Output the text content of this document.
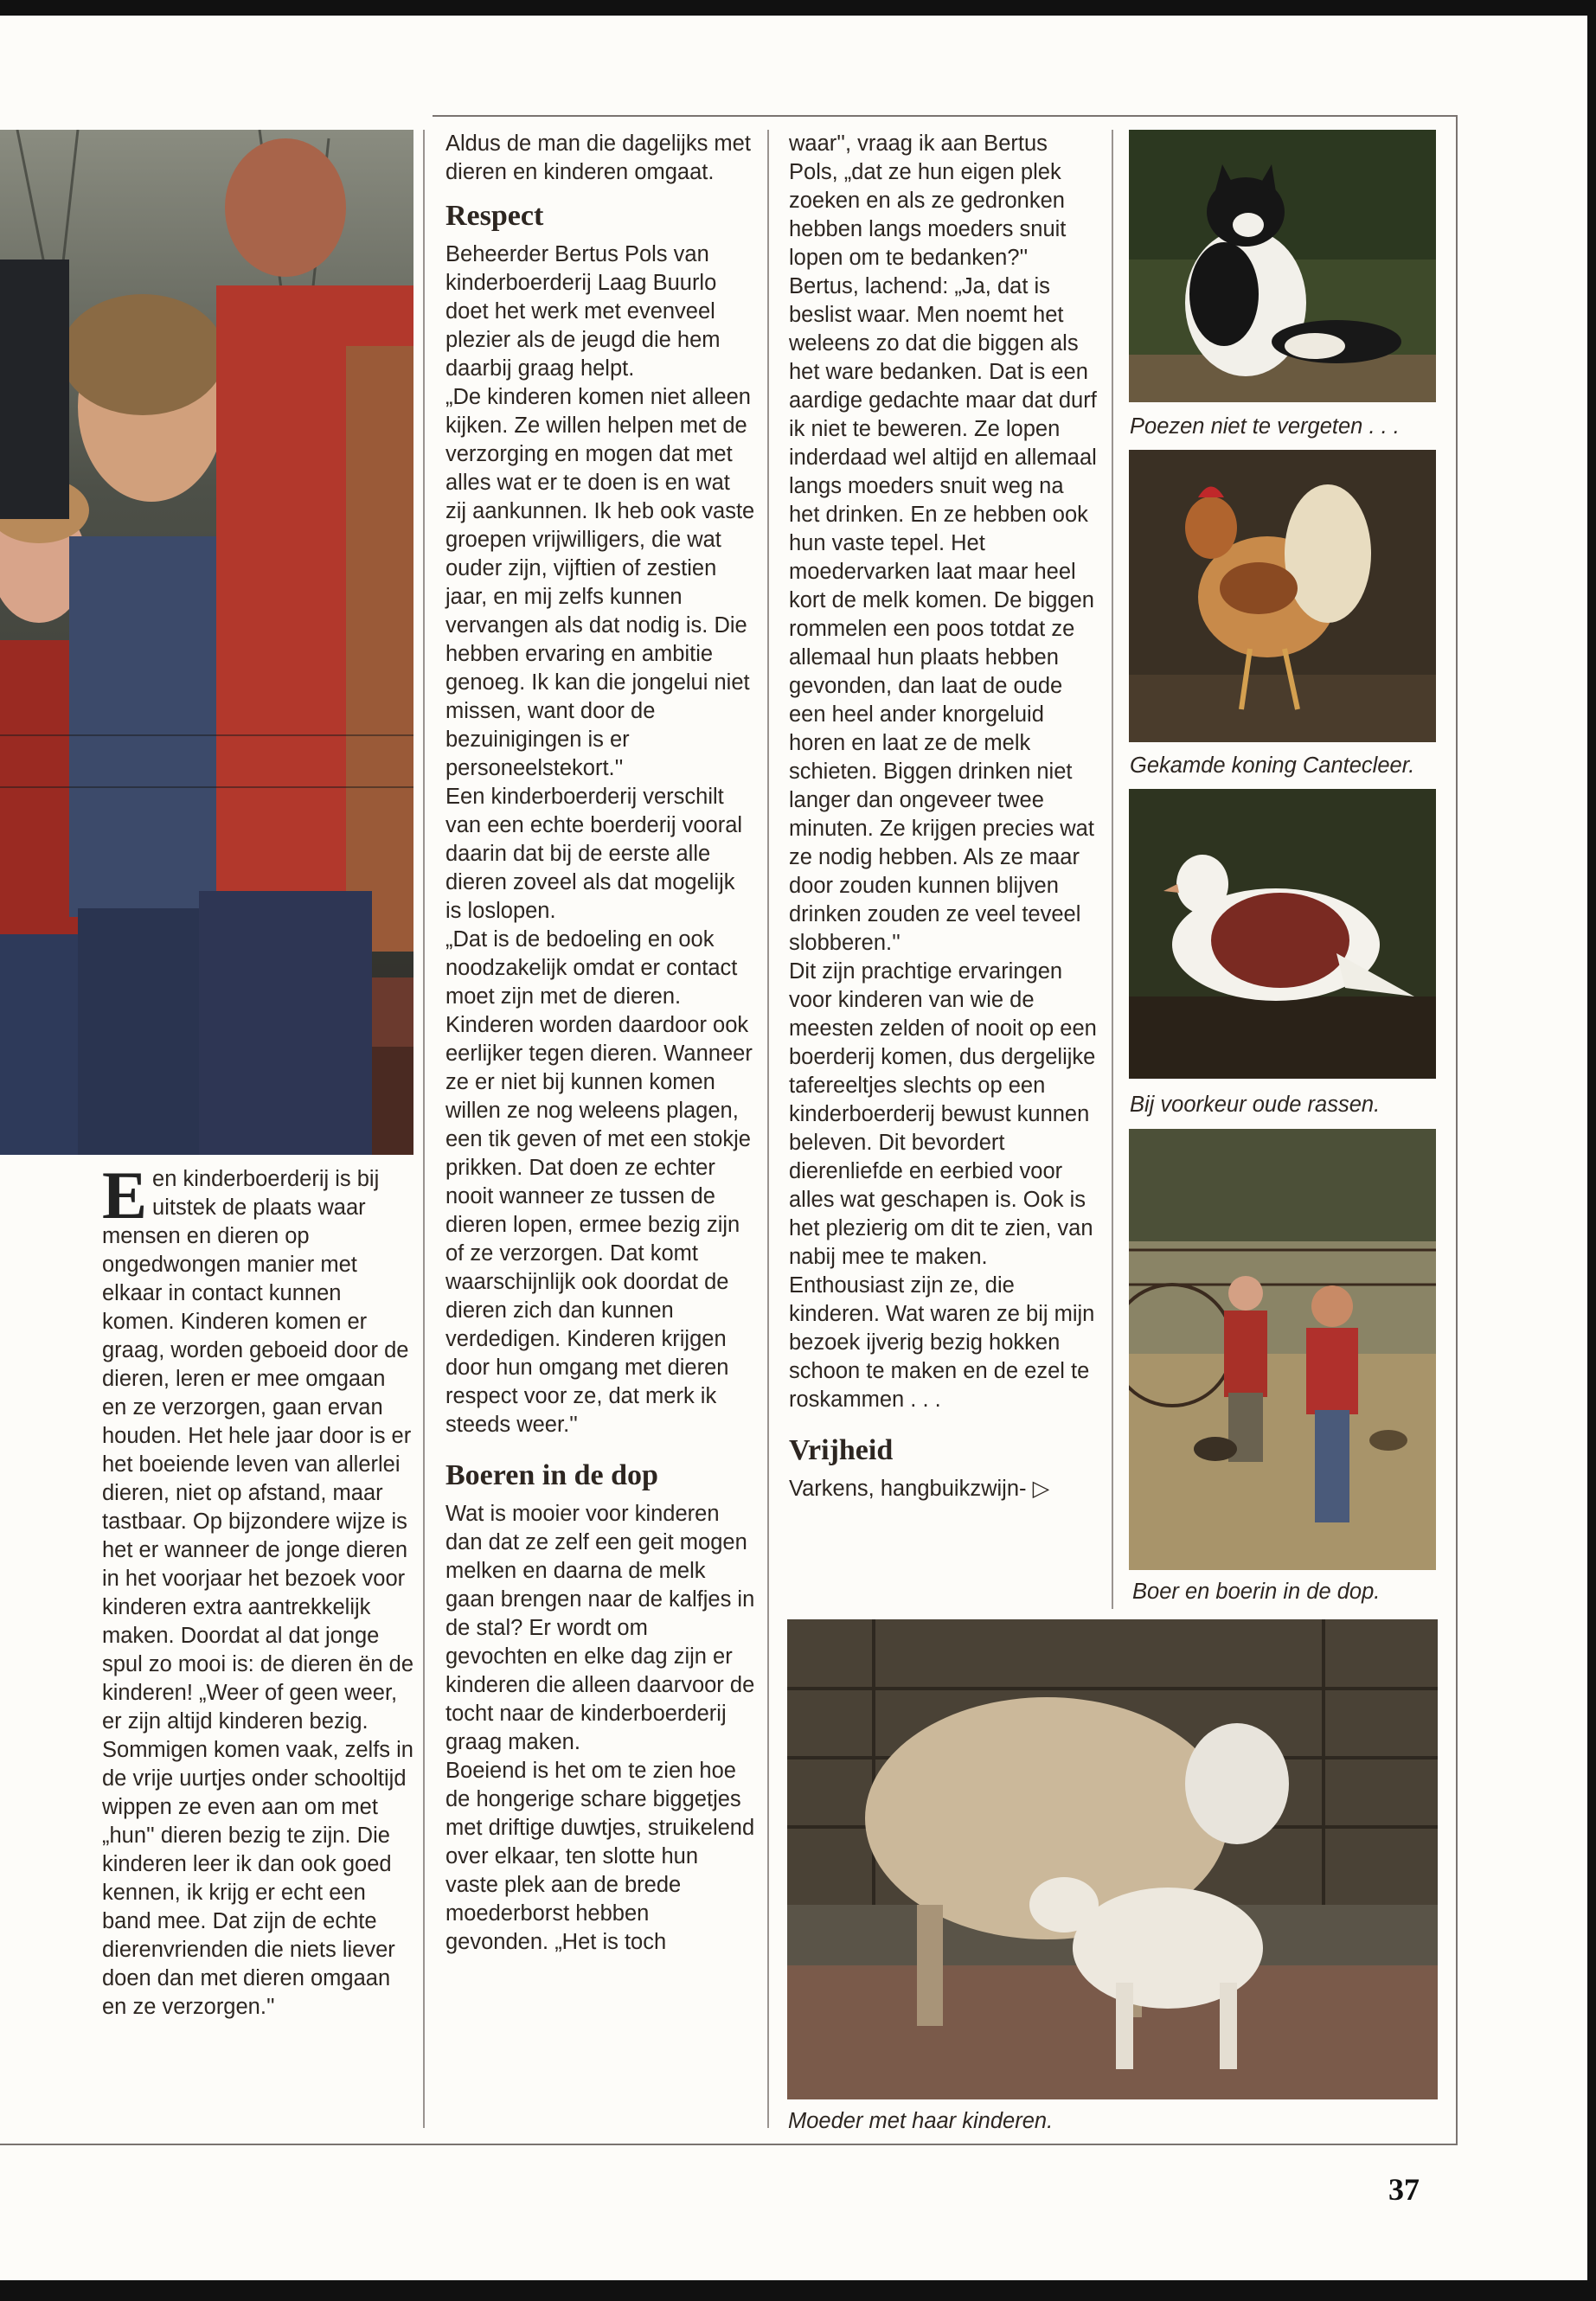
Een kinderboerderij is bij uitstek de plaats waar mensen en dieren op ongedwongen manier met elkaar in contact kunnen komen. Kinderen komen er graag, worden geboeid door de dieren, leren er mee omgaan en ze verzorgen, gaan ervan houden. Het hele jaar door is er het boeiende leven van allerlei dieren, niet op afstand, maar tastbaar. Op bijzondere wijze is het er wanneer de jonge dieren in het voorjaar het bezoek voor kinderen extra aantrekkelijk maken. Doordat al dat jonge spul zo mooi is: de dieren ën de kinderen! „Weer of geen weer, er zijn altijd kinderen bezig. Sommigen komen vaak, zelfs in de vrije uurtjes onder schooltijd wippen ze even aan om met „hun'' dieren bezig te zijn. Die kinderen leer ik dan ook goed kennen, ik krijg er echt een band mee. Dat zijn de echte dierenvrienden die niets liever doen dan met dieren omgaan en ze verzorgen.''

Aldus de man die dagelijks met dieren en kinderen omgaat.

Respect

Beheerder Bertus Pols van kinderboerderij Laag Buurlo doet het werk met evenveel plezier als de jeugd die hem daarbij graag helpt.

„De kinderen komen niet alleen kijken. Ze willen helpen met de verzorging en mogen dat met alles wat er te doen is en wat zij aankunnen. Ik heb ook vaste groepen vrijwilligers, die wat ouder zijn, vijftien of zestien jaar, en mij zelfs kunnen vervangen als dat nodig is. Die hebben ervaring en ambitie genoeg. Ik kan die jongelui niet missen, want door de bezuinigingen is er personeelstekort.''

Een kinderboerderij verschilt van een echte boerderij vooral daarin dat bij de eerste alle dieren zoveel als dat mogelijk is loslopen.

„Dat is de bedoeling en ook noodzakelijk omdat er contact moet zijn met de dieren. Kinderen worden daardoor ook eerlijker tegen dieren. Wanneer ze er niet bij kunnen komen willen ze nog weleens plagen, een tik geven of met een stokje prikken. Dat doen ze echter nooit wanneer ze tussen de dieren lopen, ermee bezig zijn of ze verzorgen. Dat komt waarschijnlijk ook doordat de dieren zich dan kunnen verdedigen. Kinderen krijgen door hun omgang met dieren respect voor ze, dat merk ik steeds weer.''

Boeren in de dop

Wat is mooier voor kinderen dan dat ze zelf een geit mogen melken en daarna de melk gaan brengen naar de kalfjes in de stal? Er wordt om gevochten en elke dag zijn er kinderen die alleen daarvoor de tocht naar de kinderboerderij graag maken.

Boeiend is het om te zien hoe de hongerige schare biggetjes met driftige duwtjes, struikelend over elkaar, ten slotte hun vaste plek aan de brede moederborst hebben gevonden. „Het is toch

waar'', vraag ik aan Bertus Pols, „dat ze hun eigen plek zoeken en als ze gedronken hebben langs moeders snuit lopen om te bedanken?''

Bertus, lachend: „Ja, dat is beslist waar. Men noemt het weleens zo dat die biggen als het ware bedanken. Dat is een aardige gedachte maar dat durf ik niet te beweren. Ze lopen inderdaad wel altijd en allemaal langs moeders snuit weg na het drinken. En ze hebben ook hun vaste tepel. Het moedervarken laat maar heel kort de melk komen. De biggen rommelen een poos totdat ze allemaal hun plaats hebben gevonden, dan laat de oude een heel ander knorgeluid horen en laat ze de melk schieten. Biggen drinken niet langer dan ongeveer twee minuten. Ze krijgen precies wat ze nodig hebben. Als ze maar door zouden kunnen blijven drinken zouden ze veel teveel slobberen.''

Dit zijn prachtige ervaringen voor kinderen van wie de meesten zelden of nooit op een boerderij komen, dus dergelijke tafereeltjes slechts op een kinderboerderij bewust kunnen beleven. Dit bevordert dierenliefde en eerbied voor alles wat geschapen is. Ook is het plezierig om dit te zien, van nabij mee te maken. Enthousiast zijn ze, die kinderen. Wat waren ze bij mijn bezoek ijverig bezig hokken schoon te maken en de ezel te roskammen . . .

Vrijheid

Varkens, hangbuikzwijn- ▷

Poezen niet te vergeten . . .
Gekamde koning Cantecleer.
Bij voorkeur oude rassen.
Boer en boerin in de dop.
Moeder met haar kinderen.
37
